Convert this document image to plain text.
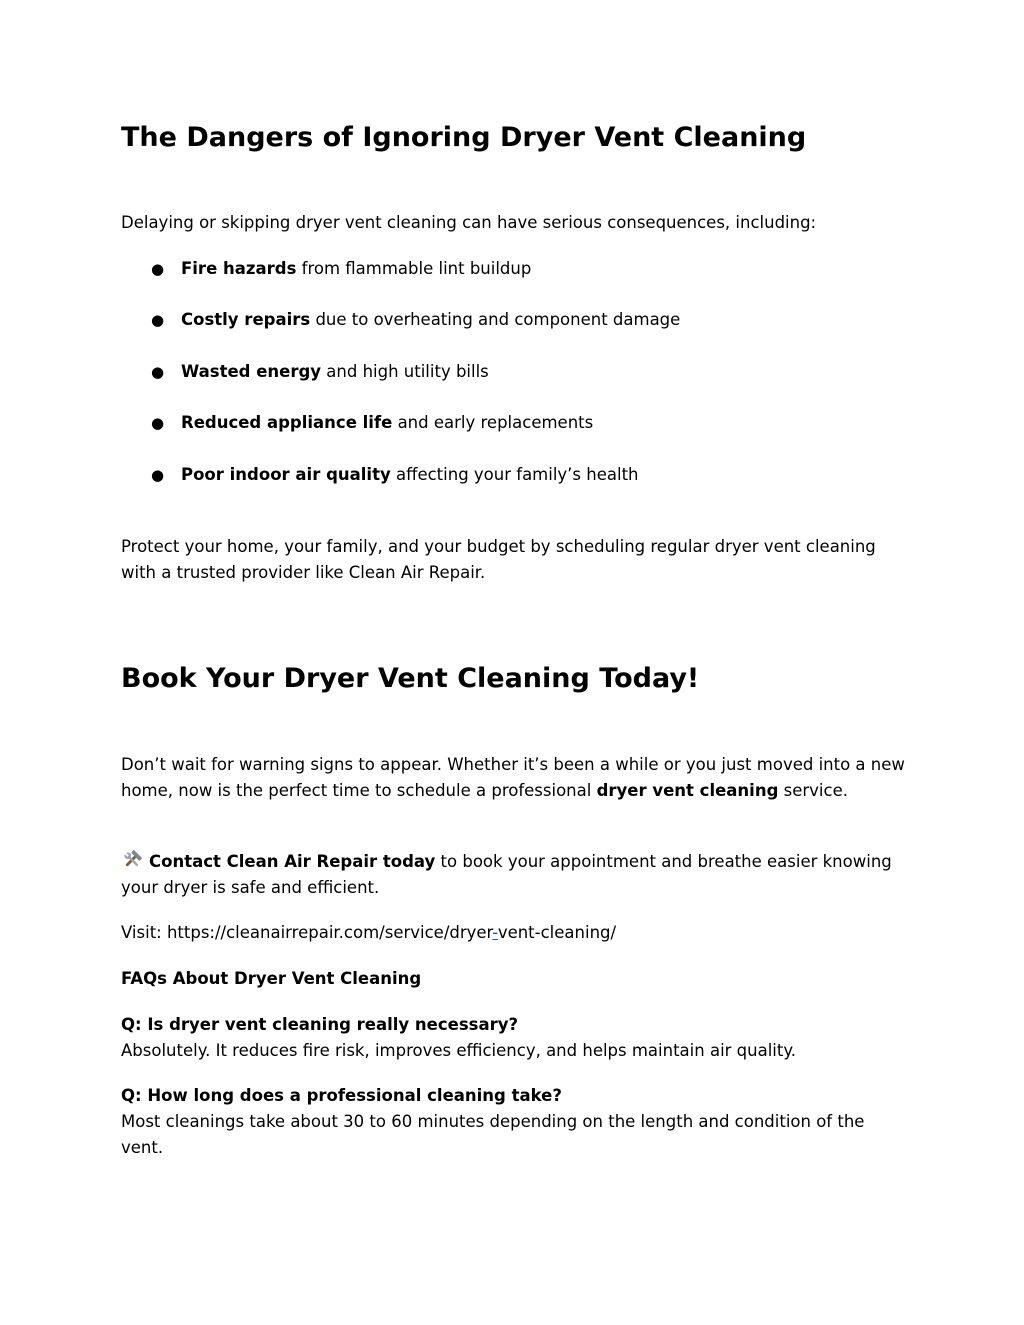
The Dangers of Ignoring Dryer Vent Cleaning

Delaying or skipping dryer vent cleaning can have serious consequences, including:

● Fire hazards from flammable lint buildup
● Costly repairs due to overheating and component damage
● Wasted energy and high utility bills
● Reduced appliance life and early replacements
● Poor indoor air quality affecting your family’s health

Protect your home, your family, and your budget by scheduling regular dryer vent cleaning with a trusted provider like Clean Air Repair.

Book Your Dryer Vent Cleaning Today!

Don’t wait for warning signs to appear. Whether it’s been a while or you just moved into a new home, now is the perfect time to schedule a professional dryer vent cleaning service.

Contact Clean Air Repair today to book your appointment and breathe easier knowing your dryer is safe and efficient.

Visit: https://cleanairrepair.com/service/dryer-vent-cleaning/

FAQs About Dryer Vent Cleaning

Q: Is dryer vent cleaning really necessary?
Absolutely. It reduces fire risk, improves efficiency, and helps maintain air quality.

Q: How long does a professional cleaning take?
Most cleanings take about 30 to 60 minutes depending on the length and condition of the vent.
